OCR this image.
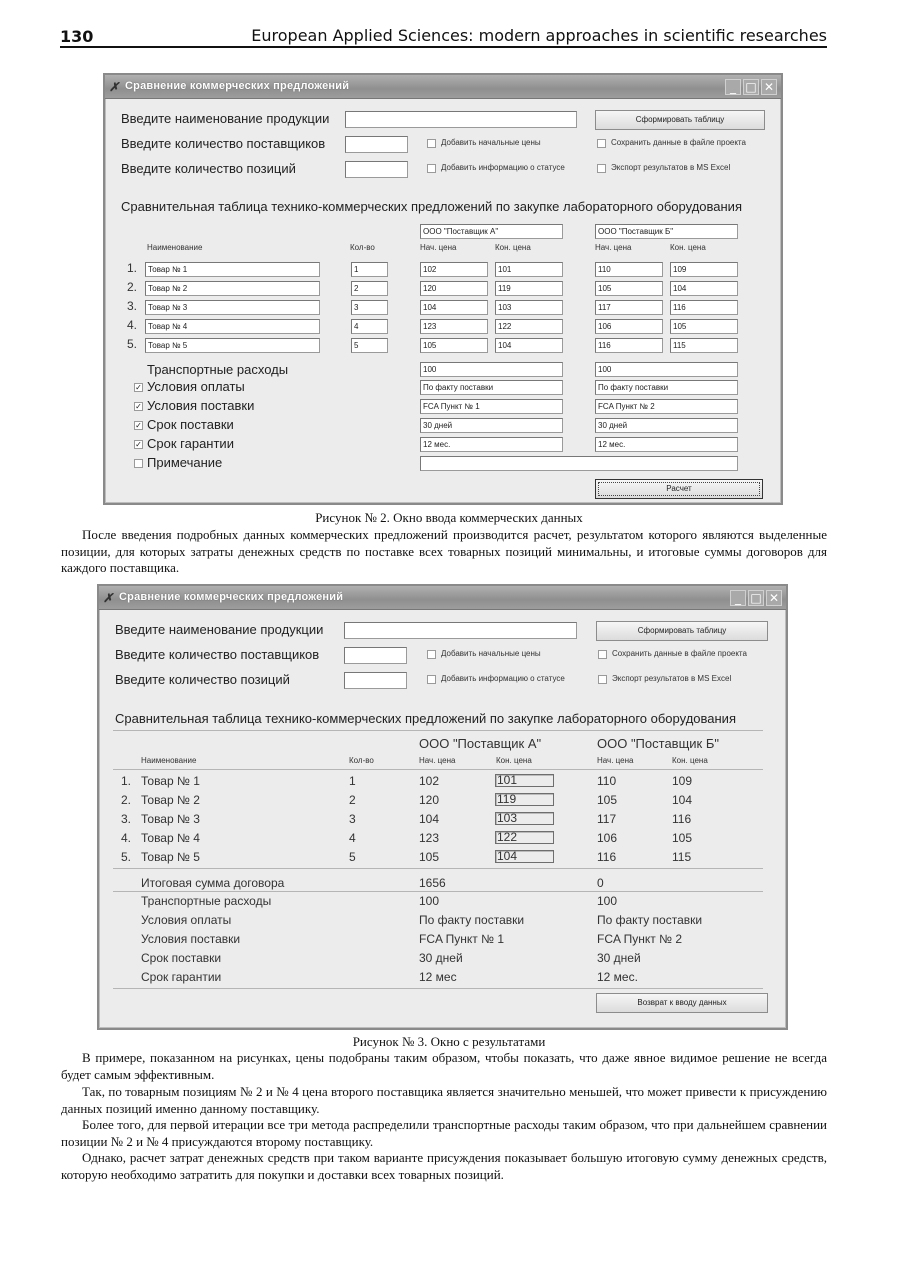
130	European Applied Sciences: modern approaches in scientific researches
✗ Сравнение коммерческих предложений	_ □ ✕
Введите наименование продукции	Сформировать таблицу
Введите количество поставщиков	Добавить начальные цены	Сохранить данные в файле проекта
Введите количество позиций	Добавить информацию о статусе	Экспорт результатов в MS Excel
Сравнительная таблица технико-коммерческих предложений по закупке лабораторного оборудования
ООО "Поставщик А"	ООО "Поставщик Б"
Наименование	Кол-во	Нач. цена	Кон. цена	Нач. цена	Кон. цена
1.	Товар № 1	1	102	101	110	109
2.	Товар № 2	2	120	119	105	104
3.	Товар № 3	3	104	103	117	116
4.	Товар № 4	4	123	122	106	105
5.	Товар № 5	5	105	104	116	115
Транспортные расходы	100	100
✓ Условия оплаты	По факту поставки	По факту поставки
✓ Условия поставки	FCA Пункт № 1	FCA Пункт № 2
✓ Срок поставки	30 дней	30 дней
✓ Срок гарантии	12 мес.	12 мес.
Примечание
Расчет
Рисунок № 2. Окно ввода коммерческих данных

После введения подробных данных коммерческих предложений производится расчет, результатом которого являются выделенные позиции, для которых затраты денежных средств по поставке всех товарных позиций минимальны, и итоговые суммы договоров для каждого поставщика.

✗ Сравнение коммерческих предложений	_ □ ✕
Введите наименование продукции	Сформировать таблицу
Введите количество поставщиков	Добавить начальные цены	Сохранить данные в файле проекта
Введите количество позиций	Добавить информацию о статусе	Экспорт результатов в MS Excel
Сравнительная таблица технико-коммерческих предложений по закупке лабораторного оборудования
ООО "Поставщик А"	ООО "Поставщик Б"
Наименование	Кол-во	Нач. цена	Кон. цена	Нач. цена	Кон. цена
1. Товар № 1	1	102	101	110	109
2. Товар № 2	2	120	119	105	104
3. Товар № 3	3	104	103	117	116
4. Товар № 4	4	123	122	106	105
5. Товар № 5	5	105	104	116	115
Итоговая сумма договора	1656	0
Транспортные расходы	100	100
Условия оплаты	По факту поставки	По факту поставки
Условия поставки	FCA Пункт № 1	FCA Пункт № 2
Срок поставки	30 дней	30 дней
Срок гарантии	12 мес	12 мес.
Возврат к вводу данных
Рисунок № 3. Окно с результатами

В примере, показанном на рисунках, цены подобраны таким образом, чтобы показать, что даже явное видимое решение не всегда будет самым эффективным.

Так, по товарным позициям № 2 и № 4 цена второго поставщика является значительно меньшей, что может привести к присуждению данных позиций именно данному поставщику.

Более того, для первой итерации все три метода распределили транспортные расходы таким образом, что при дальнейшем сравнении позиции № 2 и № 4 присуждаются второму поставщику.

Однако, расчет затрат денежных средств при таком варианте присуждения показывает большую итоговую сумму денежных средств, которую необходимо затратить для покупки и доставки всех товарных позиций.
